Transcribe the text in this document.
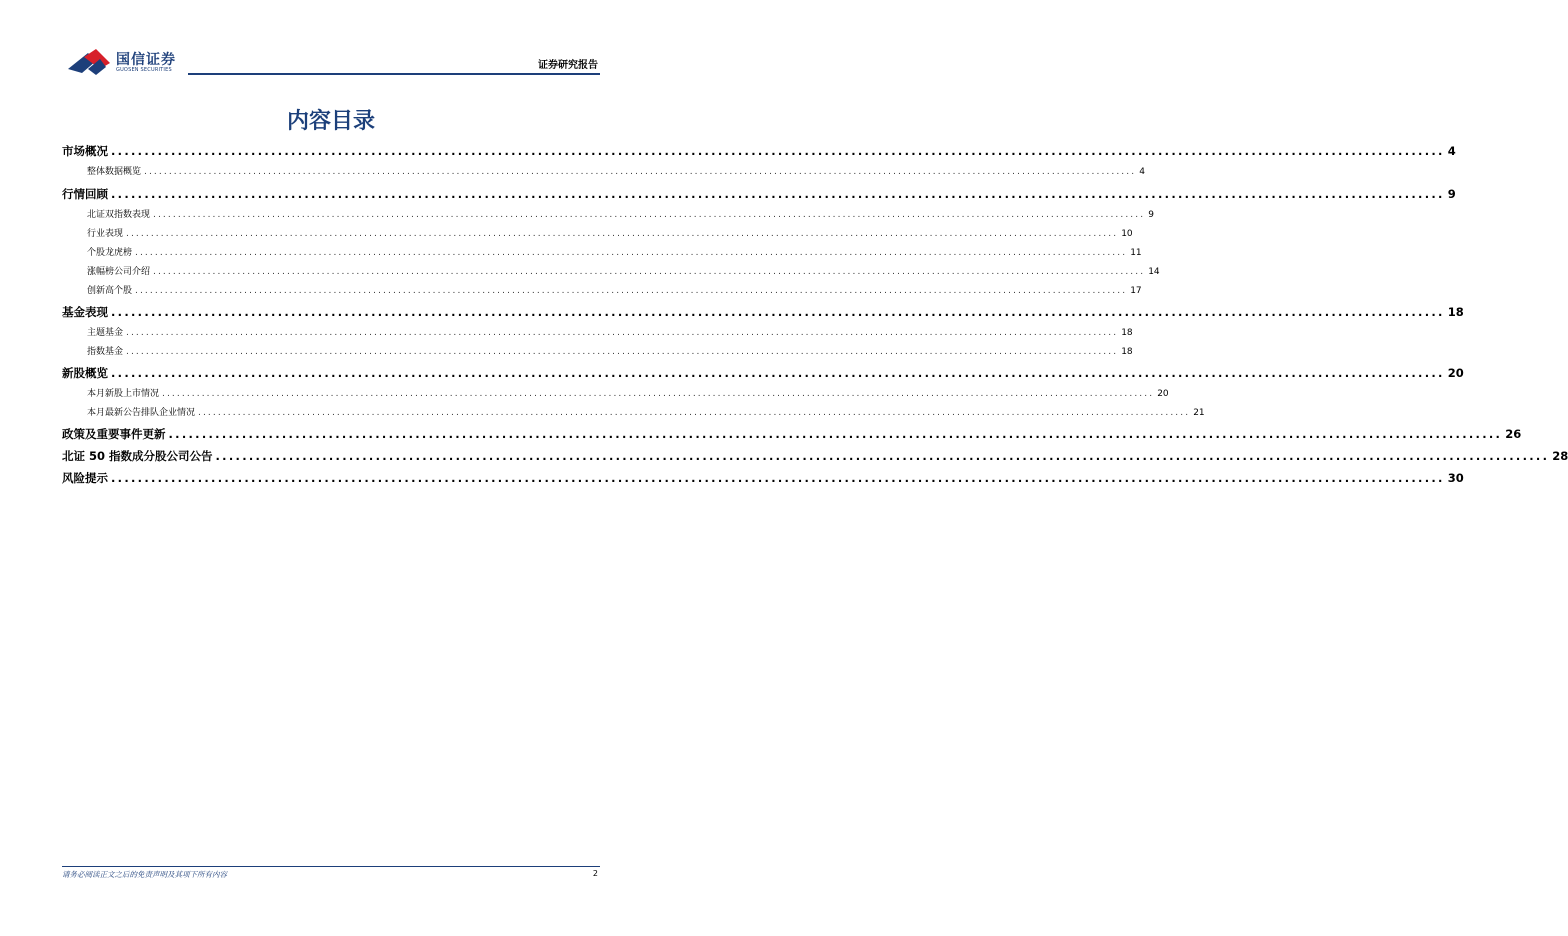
国信证券
GUOSEN SECURITIES	证券研究报告
内容目录
市场概况 ........................................................................................................................................................................................................ 4
整体数据概览 ........................................................................................................................................................................................................ 4
行情回顾 ........................................................................................................................................................................................................ 9
北证双指数表现 ........................................................................................................................................................................................................ 9
行业表现 ........................................................................................................................................................................................................ 10
个股龙虎榜 ........................................................................................................................................................................................................ 11
涨幅榜公司介绍 ........................................................................................................................................................................................................ 14
创新高个股 ........................................................................................................................................................................................................ 17
基金表现 ........................................................................................................................................................................................................ 18
主题基金 ........................................................................................................................................................................................................ 18
指数基金 ........................................................................................................................................................................................................ 18
新股概览 ........................................................................................................................................................................................................ 20
本月新股上市情况 ........................................................................................................................................................................................................ 20
本月最新公告排队企业情况 ........................................................................................................................................................................................................ 21
政策及重要事件更新 ........................................................................................................................................................................................................ 26
北证 50 指数成分股公司公告 ........................................................................................................................................................................................................ 28
风险提示 ........................................................................................................................................................................................................ 30
请务必阅读正文之后的免责声明及其项下所有内容	2
